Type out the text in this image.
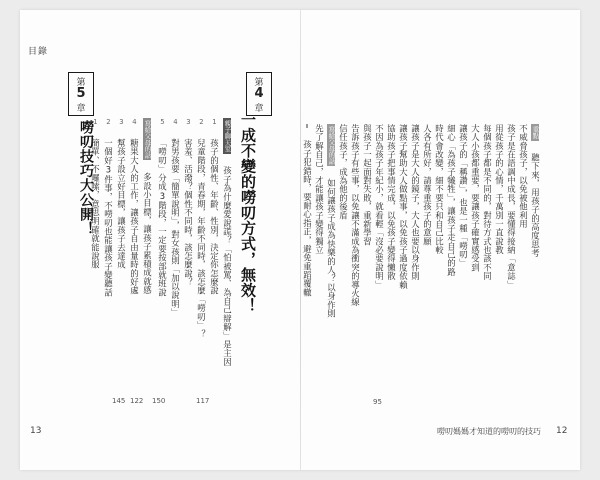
目錄
第
5
章
嘮叨技巧大公開！
1 簡單、不囉嗦，意思明確就能說服
2 一個好3件事，不嘮叨也能讓孩子變聽話
3 幫孩子設立好目標，讓孩子去達成
4 糖果大人的工作，讓孩子自由量時的好處 寫給父母的話 多設小目標，讓孩子累積成就感
5 「嘮叨」分成3階段，一定要按部就班說
150
4 對男孩要「簡單說明」，對女孩則「加以說明」
145
3 害羞、活潑？個性不同時，該怎麼說？
2 兒童階段，青春期，年齡不同時，該怎麼「嘮叨」？
1 孩子的個性、年齡、性別，決定你怎麼說
122
親子聊天室 孩子為什麼愛說謊？「怕被罵、為自己辯解」是主因
117
一成不變的嘮叨方式，無效！
第
4
章
13
重點 聽下來，用孩子的高度思考
不威脅孩子，以免被他利用
孩子是在語調中成長，要懂得接納「意誌」
用從孩子的心情，千萬別一直說教
每個孩子都是不同的，對待方式也該不同
大人小孩都重要，要讓孩子確實感受到
讓孩子的「稱讚」，也是一種「嘮叨」
細心「為孩子犧牲」，讓孩子走自己的路
時代會改變，細不要只和自己比較
人各有所好，請尊重孩子的意願
讓孩子是大人的鏡子，大人也要以身作則
讓孩子幫助大人做點事，以免孩子過度依賴
協助孩子把事情完成，以免孩子變得懶散
不因為孩子年紀小，就看輕「沒必要說明」
與孩子一起面對失敗，重新學習
告訴孩子有些事，以免讓不滿成為衝突的導火線
信任孩子，成為他的後盾
寫給父母的話 如何讓孩子成為快樂的人？以身作則
先了解自己，才能讓孩子變得獨立
孩子犯錯時，要耐心指正，避免重蹈覆轍
95
嘮叨媽媽才知道的嘮叨的技巧 12
